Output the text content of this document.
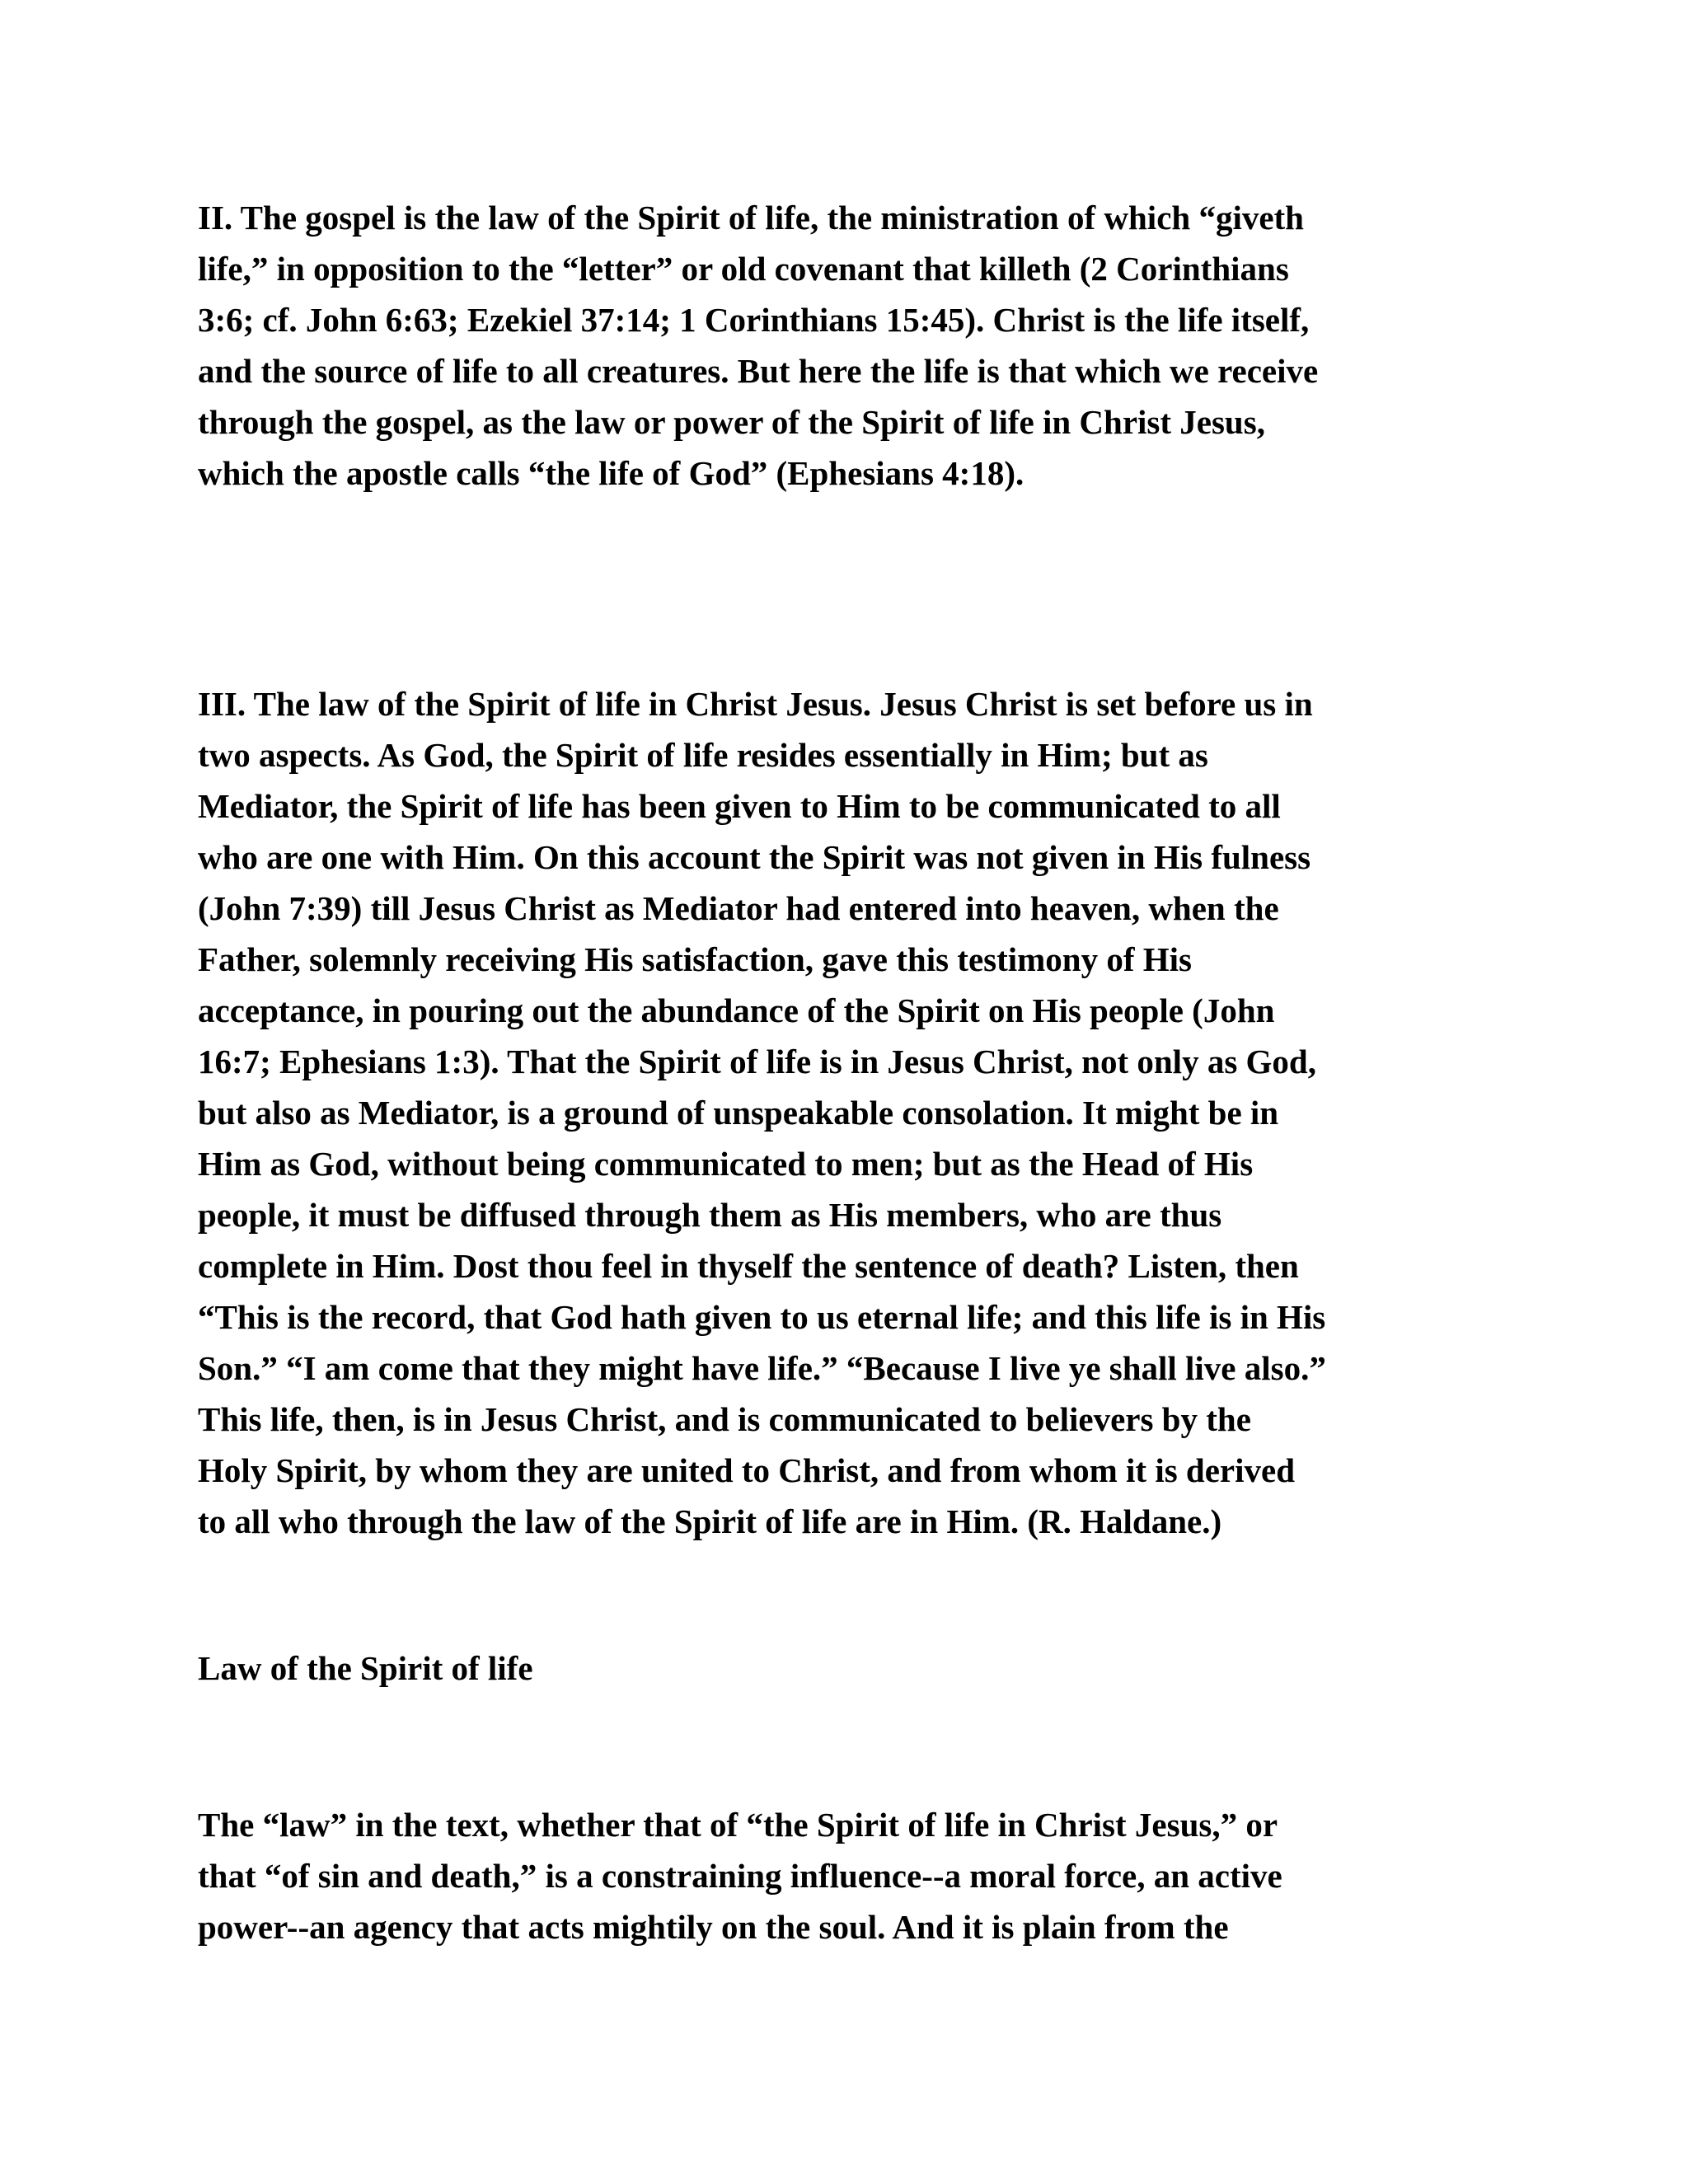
II. The gospel is the law of the Spirit of life, the ministration of which “giveth
life,” in opposition to the “letter” or old covenant that killeth (2 Corinthians
3:6; cf. John 6:63; Ezekiel 37:14; 1 Corinthians 15:45). Christ is the life itself,
and the source of life to all creatures. But here the life is that which we receive
through the gospel, as the law or power of the Spirit of life in Christ Jesus,
which the apostle calls “the life of God” (Ephesians 4:18).

III. The law of the Spirit of life in Christ Jesus. Jesus Christ is set before us in
two aspects. As God, the Spirit of life resides essentially in Him; but as
Mediator, the Spirit of life has been given to Him to be communicated to all
who are one with Him. On this account the Spirit was not given in His fulness
(John 7:39) till Jesus Christ as Mediator had entered into heaven, when the
Father, solemnly receiving His satisfaction, gave this testimony of His
acceptance, in pouring out the abundance of the Spirit on His people (John
16:7; Ephesians 1:3). That the Spirit of life is in Jesus Christ, not only as God,
but also as Mediator, is a ground of unspeakable consolation. It might be in
Him as God, without being communicated to men; but as the Head of His
people, it must be diffused through them as His members, who are thus
complete in Him. Dost thou feel in thyself the sentence of death? Listen, then
“This is the record, that God hath given to us eternal life; and this life is in His
Son.” “I am come that they might have life.” “Because I live ye shall live also.”
This life, then, is in Jesus Christ, and is communicated to believers by the
Holy Spirit, by whom they are united to Christ, and from whom it is derived
to all who through the law of the Spirit of life are in Him. (R. Haldane.)

Law of the Spirit of life

The “law” in the text, whether that of “the Spirit of life in Christ Jesus,” or
that “of sin and death,” is a constraining influence--a moral force, an active
power--an agency that acts mightily on the soul. And it is plain from the
